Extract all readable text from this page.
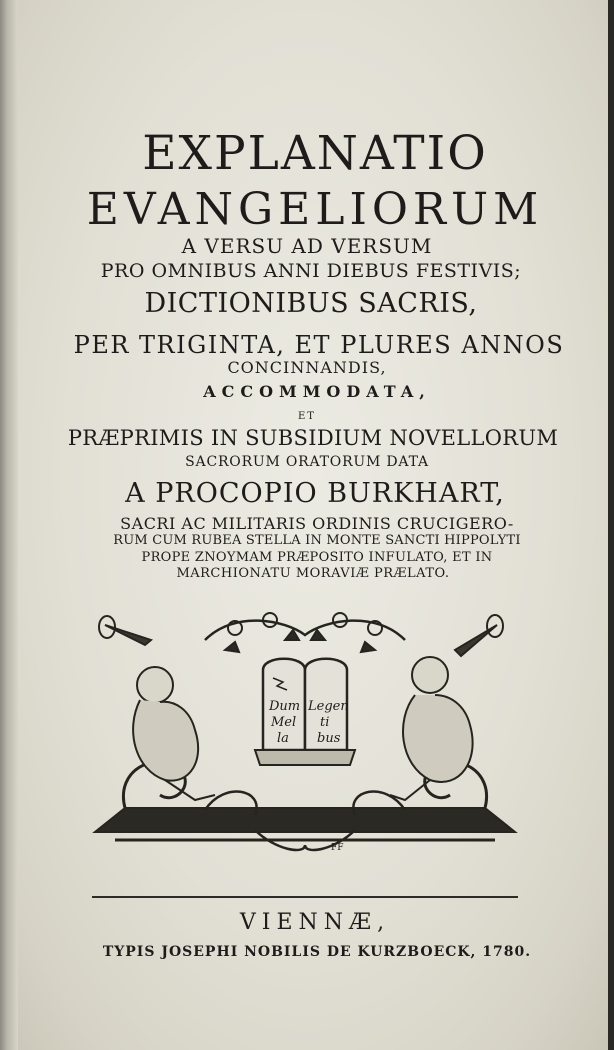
EXPLANATIO
EVANGELIORUM
A VERSU AD VERSUM
PRO OMNIBUS ANNI DIEBUS FESTIVIS;
DICTIONIBUS SACRIS,
PER TRIGINTA, ET PLURES ANNOS
CONCINNANDIS,
ACCOMMODATA,
ET
PRÆPRIMIS IN SUBSIDIUM NOVELLORUM
SACRORUM ORATORUM DATA
A PROCOPIO BURKHART,
SACRI AC MILITARIS ORDINIS CRUCIGERO-
RUM CUM RUBEA STELLA IN MONTE SANCTI HIPPOLYTI
PROPE ZNOYMAM PRÆPOSITO INFULATO, ET IN
MARCHIONATU MORAVIÆ PRÆLATO.
Dum
Mel
la
Legen
ti
bus
FF
VIENNÆ,
TYPIS JOSEPHI NOBILIS DE KURZBOECK, 1780.
